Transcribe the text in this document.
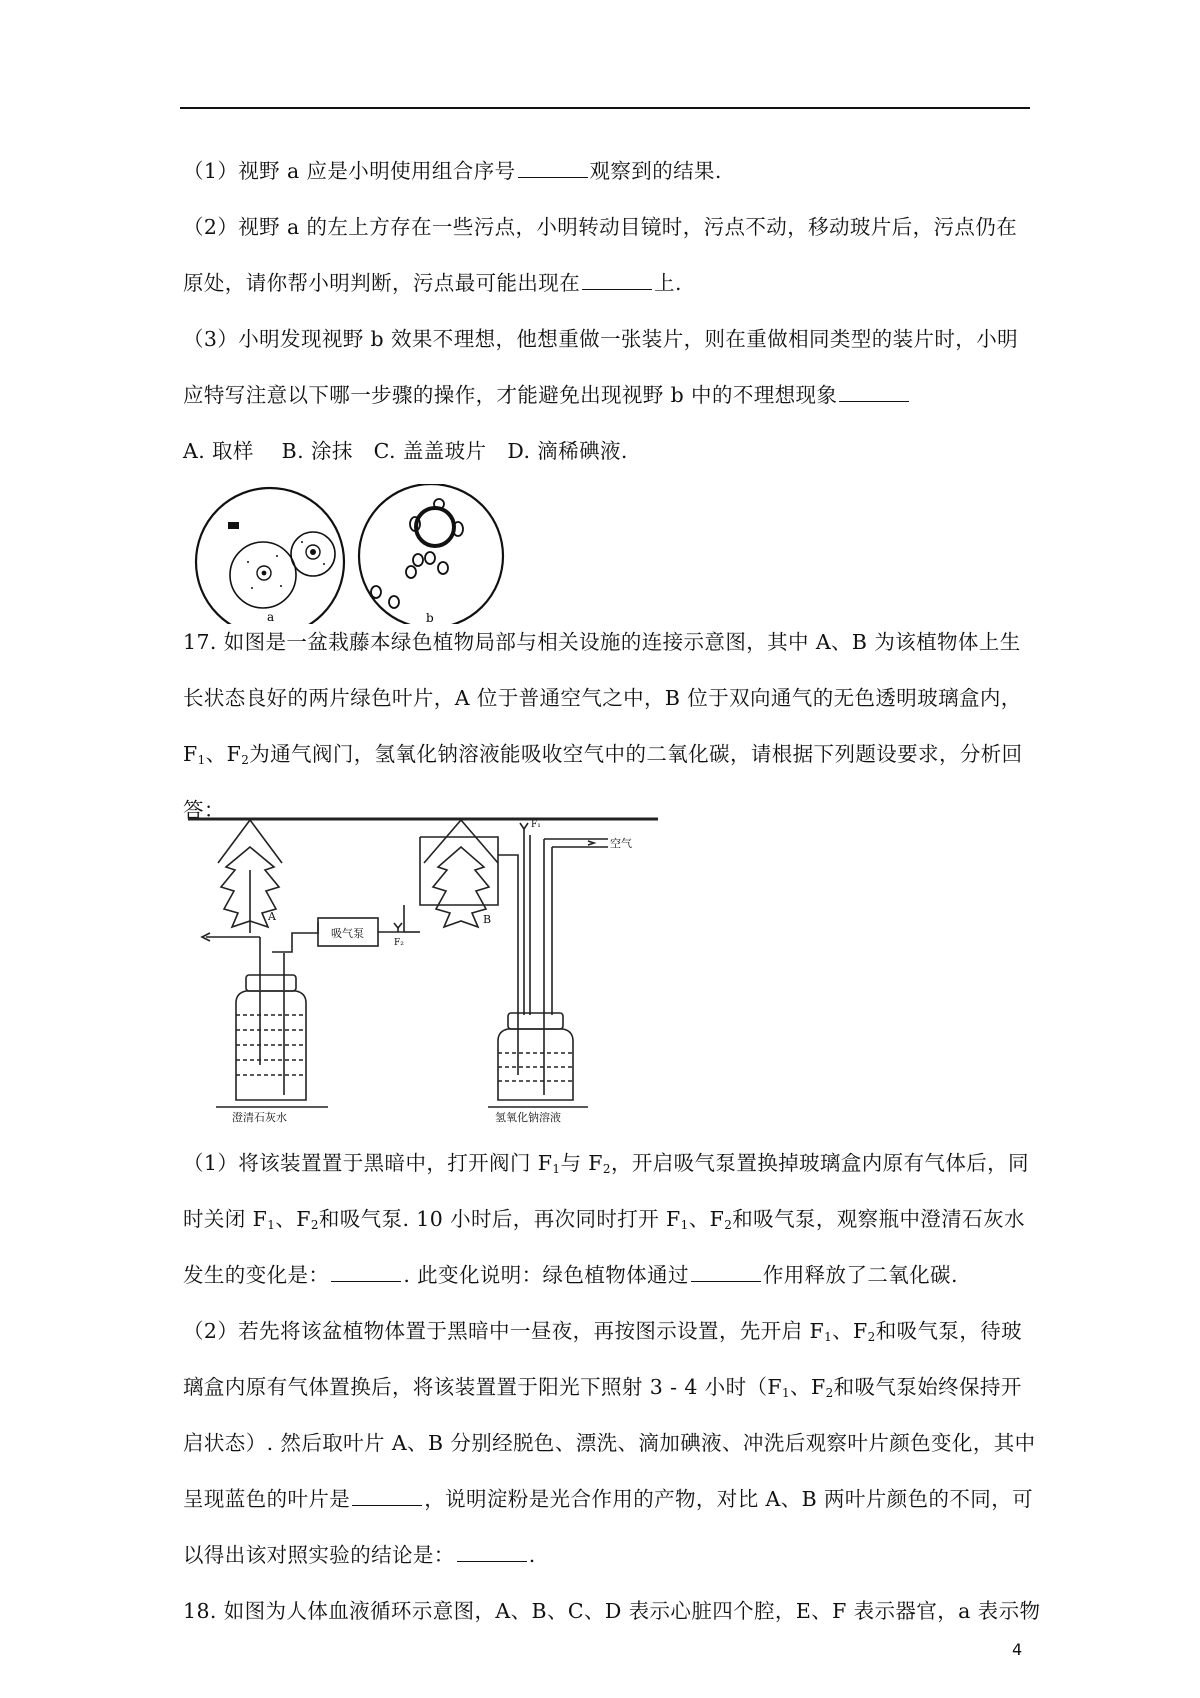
（1）视野 a 应是小明使用组合序号	观察到的结果.
（2）视野 a 的左上方存在一些污点，小明转动目镜时，污点不动，移动玻片后，污点仍在
原处，请你帮小明判断，污点最可能出现在	上.
（3）小明发现视野 b 效果不理想，他想重做一张装片，则在重做相同类型的装片时，小明
应特写注意以下哪一步骤的操作，才能避免出现视野 b 中的不理想现象
A. 取样　 B. 涂抹　C. 盖盖玻片　D. 滴稀碘液.
a	b
17. 如图是一盆栽藤本绿色植物局部与相关设施的连接示意图，其中 A、B 为该植物体上生
长状态良好的两片绿色叶片，A 位于普通空气之中，B 位于双向通气的无色透明玻璃盒内，
$F_1$、$F_2$为通气阀门，氢氧化钠溶液能吸收空气中的二氧化碳，请根据下列题设要求，分析回
答：
A	B
吸气泵
F₂
F₁
空气
澄清石灰水	氢氧化钠溶液
（1）将该装置置于黑暗中，打开阀门 $F_1$与 $F_2$，开启吸气泵置换掉玻璃盒内原有气体后，同
时关闭 $F_1$、$F_2$和吸气泵. 10 小时后，再次同时打开 $F_1$、$F_2$和吸气泵，观察瓶中澄清石灰水
发生的变化是：	. 此变化说明：绿色植物体通过	作用释放了二氧化碳.
（2）若先将该盆植物体置于黑暗中一昼夜，再按图示设置，先开启 $F_1$、$F_2$和吸气泵，待玻
璃盒内原有气体置换后，将该装置置于阳光下照射 3 - 4 小时（$F_1$、$F_2$和吸气泵始终保持开
启状态）. 然后取叶片 A、B 分别经脱色、漂洗、滴加碘液、冲洗后观察叶片颜色变化，其中
呈现蓝色的叶片是	，说明淀粉是光合作用的产物，对比 A、B 两叶片颜色的不同，可
以得出该对照实验的结论是：	.
18. 如图为人体血液循环示意图，A、B、C、D 表示心脏四个腔，E、F 表示器官，a 表示物
4
